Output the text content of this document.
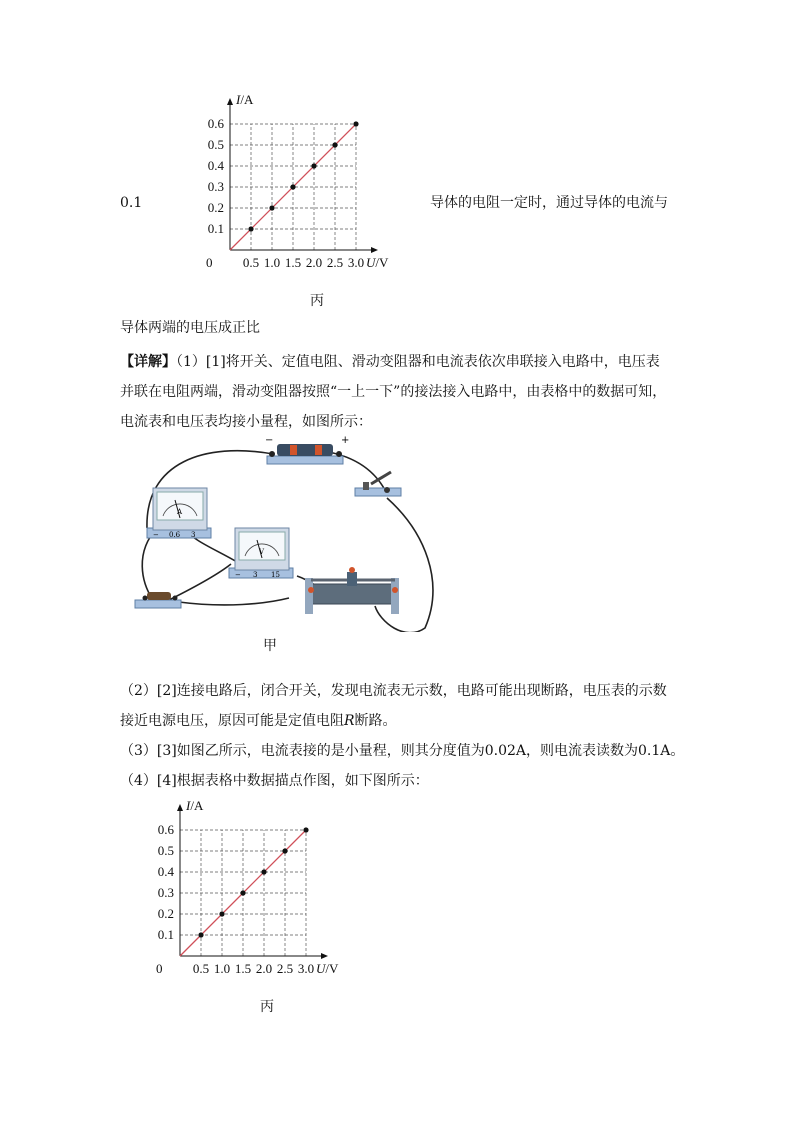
0.1	导体的电阻一定时，通过导体的电流与
0.5 1.0 1.5 2.0 2.5 3.0
0.1
0.2
0.3
0.4
0.5
0.6
0	U/V
I/A
丙
导体两端的电压成正比
【详解】（1）[1]将开关、定值电阻、滑动变阻器和电流表依次串联接入电路中，电压表
并联在电阻两端，滑动变阻器按照“一上一下”的接法接入电路中，由表格中的数据可知，
电流表和电压表均接小量程，如图所示：
−	+
A
− 0.6 3
V
− 3 15
甲
（2）[2]连接电路后，闭合开关，发现电流表无示数，电路可能出现断路，电压表的示数
接近电源电压，原因可能是定值电阻R断路。
（3）[3]如图乙所示，电流表接的是小量程，则其分度值为0.02A，则电流表读数为0.1A。
（4）[4]根据表格中数据描点作图，如下图所示：
0.5 1.0 1.5 2.0 2.5 3.0
0.1
0.2
0.3
0.4
0.5
0.6
0	U/V
I/A
丙
